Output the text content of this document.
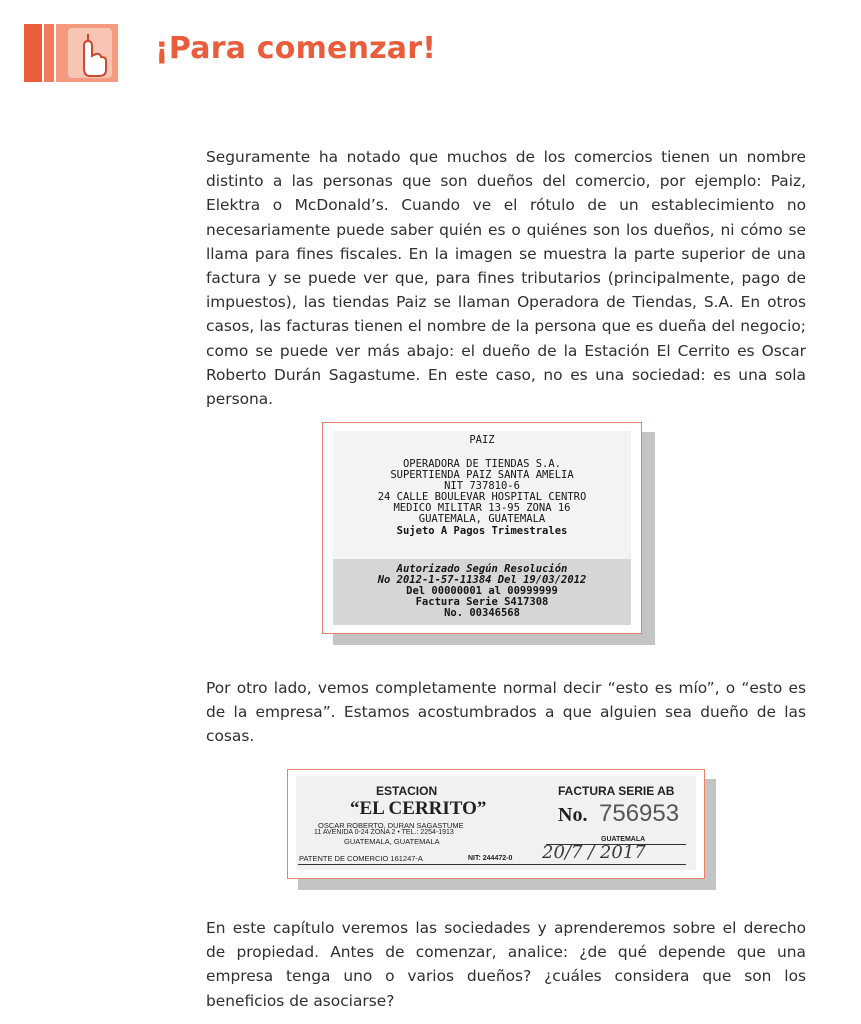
¡Para comenzar!

Seguramente ha notado que muchos de los comercios tienen un nombre distinto a las personas que son dueños del comercio, por ejemplo: Paiz, Elektra o McDonald’s. Cuando ve el rótulo de un establecimiento no necesariamente puede saber quién es o quiénes son los dueños, ni cómo se llama para fines fiscales. En la imagen se muestra la parte superior de una factura y se puede ver que, para fines tributarios (principalmente, pago de impuestos), las tiendas Paiz se llaman Operadora de Tiendas, S.A. En otros casos, las facturas tienen el nombre de la persona que es dueña del negocio; como se puede ver más abajo: el dueño de la Estación El Cerrito es Oscar Roberto Durán Sagastume. En este caso, no es una sociedad: es una sola persona.

PAIZ
OPERADORA DE TIENDAS S.A.
SUPERTIENDA PAIZ SANTA AMELIA
NIT 737810-6
24 CALLE BOULEVAR HOSPITAL CENTRO
MEDICO MILITAR 13-95 ZONA 16
GUATEMALA, GUATEMALA
Sujeto A Pagos Trimestrales
Autorizado Según Resolución
No 2012-1-57-11384 Del 19/03/2012
Del 00000001 al 00999999
Factura Serie S417308
No. 00346568

Por otro lado, vemos completamente normal decir “esto es mío”, o “esto es de la empresa”. Estamos acostumbrados a que alguien sea dueño de las cosas.

ESTACION
“EL CERRITO”
OSCAR ROBERTO, DURAN SAGASTUME
11 AVENIDA 0-24 ZONA 2 • TEL.: 2254-1913
GUATEMALA, GUATEMALA
PATENTE DE COMERCIO 161247-A	NIT: 244472-0
FACTURA SERIE AB
No. 756953
GUATEMALA
20/7 / 2017

En este capítulo veremos las sociedades y aprenderemos sobre el derecho de propiedad. Antes de comenzar, analice: ¿de qué depende que una empresa tenga uno o varios dueños? ¿cuáles considera que son los beneficios de asociarse?
